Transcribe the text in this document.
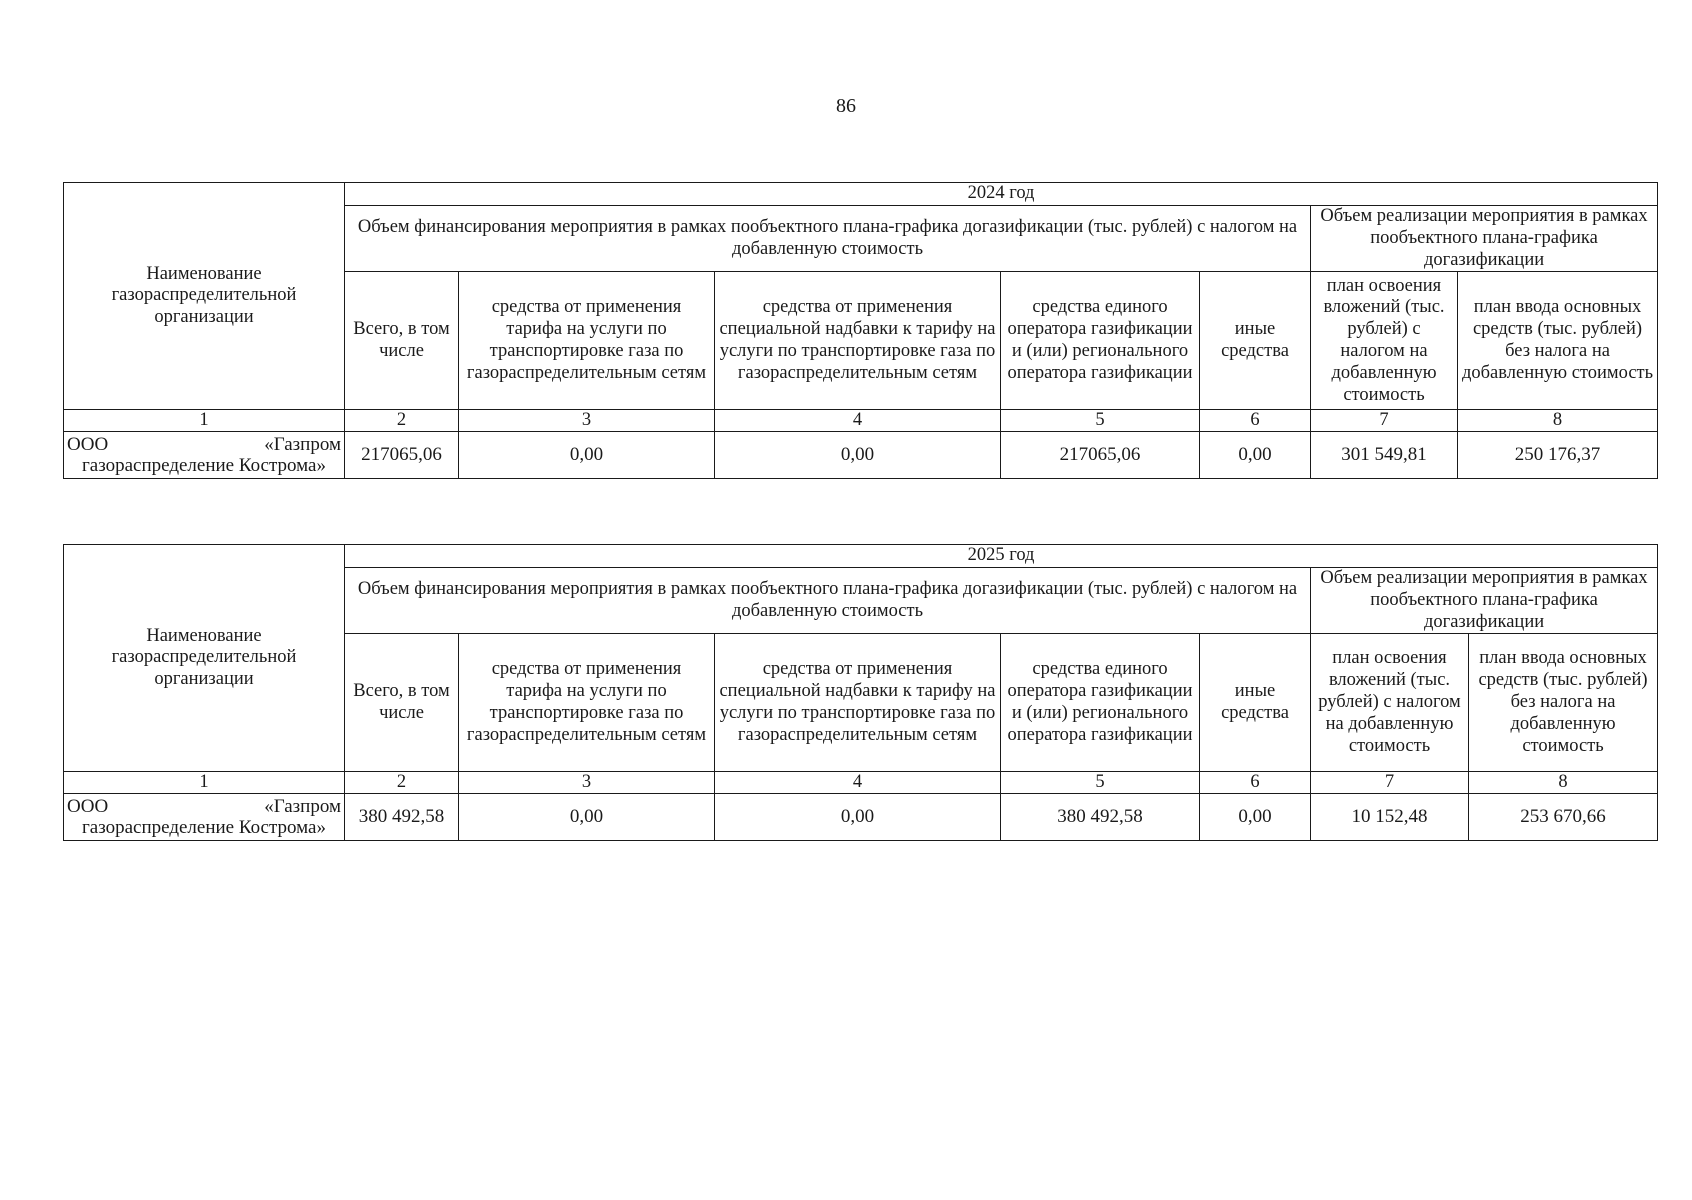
86
Наименование газораспределительной организации	2024 год						
	Объем финансирования мероприятия в рамках пообъектного плана-графика догазификации (тыс. рублей) с налогом на добавленную стоимость					Объем реализации мероприятия в рамках пообъектного плана-графика догазификации	
	Всего, в том числе	средства от применения тарифа на услуги по транспортировке газа по газораспределительным сетям	средства от применения специальной надбавки к тарифу на услуги по транспортировке газа по газораспределительным сетям	средства единого оператора газификации и (или) регионального оператора газификации	иные средства	план освоения вложений (тыс. рублей) с налогом на добавленную стоимость	план ввода основных средств (тыс. рублей) без налога на добавленную стоимость
1	2	3	4	5	6	7	8

ООО «Газпром
газораспределение Кострома»	217065,06	0,00	0,00	217065,06	0,00	301 549,81	250 176,37
Наименование газораспределительной организации	2025 год						
	Объем финансирования мероприятия в рамках пообъектного плана-графика догазификации (тыс. рублей) с налогом на добавленную стоимость					Объем реализации мероприятия в рамках пообъектного плана-графика догазификации	
	Всего, в том числе	средства от применения тарифа на услуги по транспортировке газа по газораспределительным сетям	средства от применения специальной надбавки к тарифу на услуги по транспортировке газа по газораспределительным сетям	средства единого оператора газификации и (или) регионального оператора газификации	иные средства	план освоения вложений (тыс. рублей) с налогом на добавленную стоимость	план ввода основных средств (тыс. рублей) без налога на добавленную стоимость
1	2	3	4	5	6	7	8

ООО «Газпром
газораспределение Кострома»	380 492,58	0,00	0,00	380 492,58	0,00	10 152,48	253 670,66
